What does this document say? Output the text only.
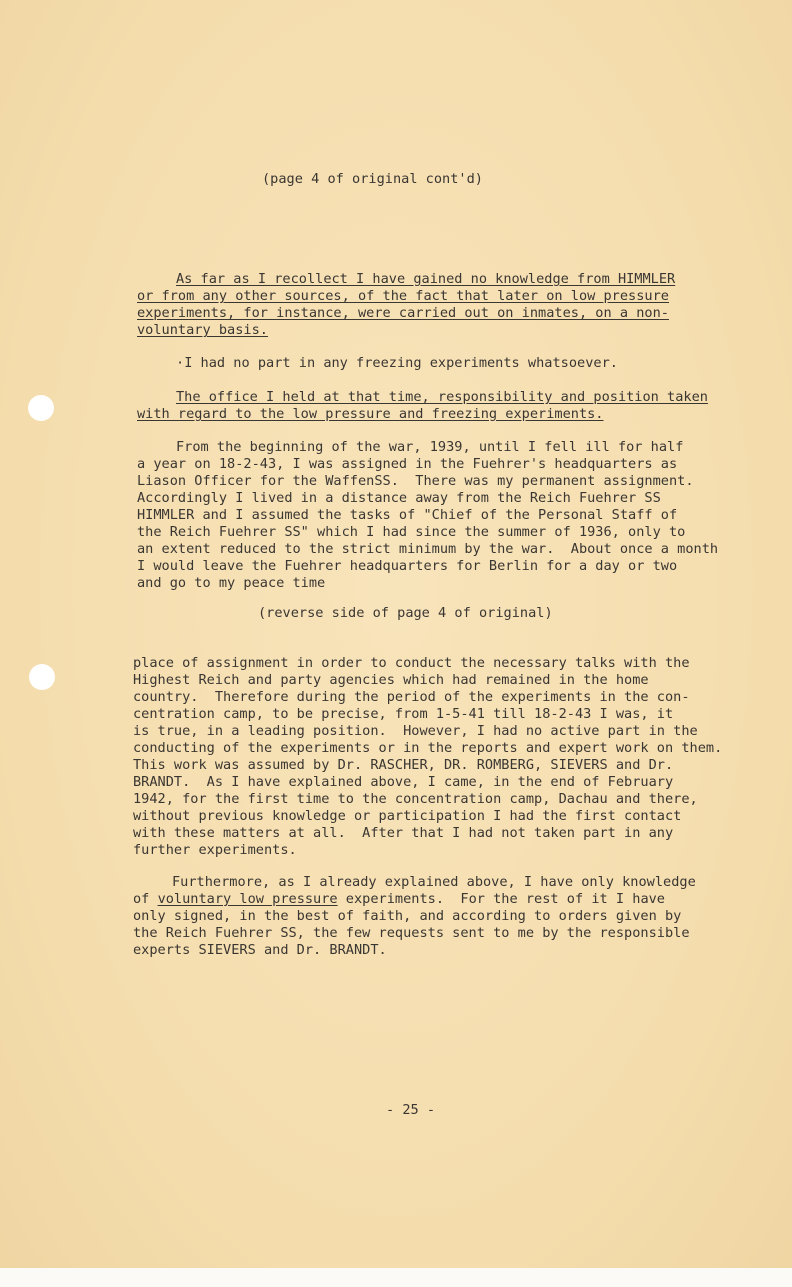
(page 4 of original cont'd)
As far as I recollect I have gained no knowledge from HIMMLER
or from any other sources, of the fact that later on low pressure
experiments, for instance, were carried out on inmates, on a non-
voluntary basis.
·I had no part in any freezing experiments whatsoever.
The office I held at that time, responsibility and position taken
with regard to the low pressure and freezing experiments.
From the beginning of the war, 1939, until I fell ill for half
a year on 18-2-43, I was assigned in the Fuehrer's headquarters as
Liason Officer for the WaffenSS.  There was my permanent assignment.
Accordingly I lived in a distance away from the Reich Fuehrer SS
HIMMLER and I assumed the tasks of "Chief of the Personal Staff of
the Reich Fuehrer SS" which I had since the summer of 1936, only to
an extent reduced to the strict minimum by the war.  About once a month
I would leave the Fuehrer headquarters for Berlin for a day or two
and go to my peace time
(reverse side of page 4 of original)
place of assignment in order to conduct the necessary talks with the
Highest Reich and party agencies which had remained in the home
country.  Therefore during the period of the experiments in the con-
centration camp, to be precise, from 1-5-41 till 18-2-43 I was, it
is true, in a leading position.  However, I had no active part in the
conducting of the experiments or in the reports and expert work on them.
This work was assumed by Dr. RASCHER, DR. ROMBERG, SIEVERS and Dr.
BRANDT.  As I have explained above, I came, in the end of February
1942, for the first time to the concentration camp, Dachau and there,
without previous knowledge or participation I had the first contact
with these matters at all.  After that I had not taken part in any
further experiments.
Furthermore, as I already explained above, I have only knowledge
of voluntary low pressure experiments.  For the rest of it I have
only signed, in the best of faith, and according to orders given by
the Reich Fuehrer SS, the few requests sent to me by the responsible
experts SIEVERS and Dr. BRANDT.
- 25 -
